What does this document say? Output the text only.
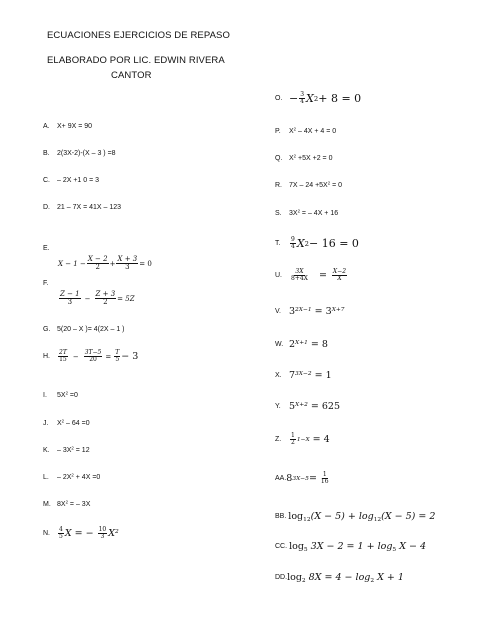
ECUACIONES EJERCICIOS DE REPASO
ELABORADO POR LIC. EDWIN RIVERA
CANTOR
A.	X+ 9X = 90
B.	2(3X-2)-(X – 3 ) =8
C.	– 2X +1 0 = 3
D.	21 – 7X = 41X – 123
E.
$X - 1 - \frac{X - 2}{2} + \frac{X + 3}{3} = 0$
F.
$\frac{Z - 1}{3} - \frac{Z + 3}{2} = 5Z$
G. 5(20 – X )= 4(2X – 1 )
H.	$\frac{2T}{15} - \frac{3T-5}{20} = \frac{T}{5} - 3$
I.	$5X^2 =0$
J.	$X^2 - 64 =0$
K.	– $3X^2 = 12$
L.	– $2X^2 + 4X =0$
M. $8X^2$ = – 3X
N.	$\frac{4}{5}$ X = − $\frac{10}{3} X^2$
O. − $\frac{3}{4}$ X 2 + 8 = 0
P.	$X^2 - 4X + 4 = 0$
Q. $X^2 +5X +2 = 0$
R.	$7X - 24 +5X^2 = 0$
S.	$3X^2$ = – 4X + 16
T.	$\frac{9}{4}$ X 2 − 16 = 0
U.	$\frac{3X}{8+4X} = \frac{X-2}{X}$
V. $3^{2X-1} = 3^{X+7}$
W. $2^{X+1} = 8$
X. $7^{3X-2} = 1$
Y. $5^{X+2} = 625$
Z.	$\frac{1}{2} 1-X = 4$
AA. 8 $3X-5 = \frac{1}{16}$
BB. $\log_{12}(X - 5) + \log_{12}(X - 5) = 2$
CC. $\log_5 3X - 2 = 1 + \log_5 X - 4$
DD. $\log_2 8X = 4 - \log_2 X + 1$
